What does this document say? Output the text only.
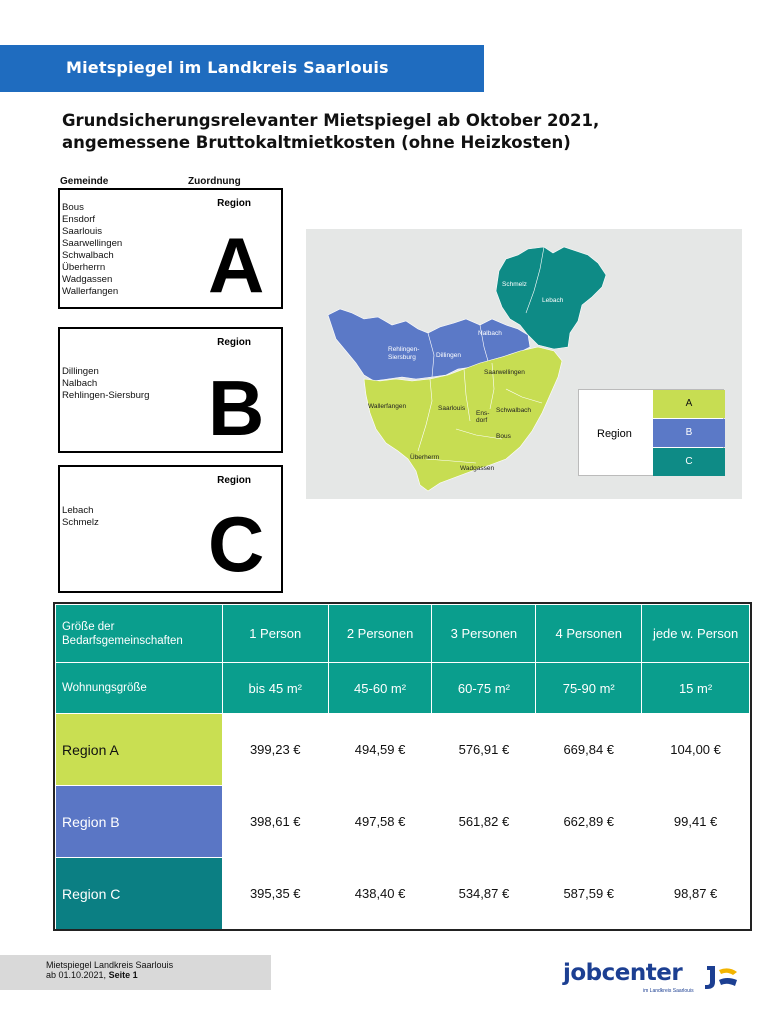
Mietspiegel im Landkreis Saarlouis
Grundsicherungsrelevanter Mietspiegel ab Oktober 2021,
angemessene Bruttokaltmietkosten (ohne Heizkosten)
Gemeinde	Zuordnung
Region
A
Bous
Ensdorf
Saarlouis
Saarwellingen
Schwalbach
Überherrn
Wadgassen
Wallerfangen
Region
B
Dillingen
Nalbach
Rehlingen-Siersburg
Region
C
Lebach
Schmelz
Schmelz
Lebach
Nalbach
Rehlingen-
Siersburg	Dillingen
Saarwellingen
Wallerfangen	Saarlouis
Ens-
dorf
Schwalbach
Bous
Überherrn
Wadgassen
Region
A
B
C
Größe der Bedarfsgemeinschaften	1 Person	2 Personen	3 Personen	4 Personen	jede w. Person
Wohnungsgröße	bis 45 m²	45-60 m²	60-75 m²	75-90 m²	15 m²
Region A	399,23 €	494,59 €	576,91 €	669,84 €	104,00 €
Region B	398,61 €	497,58 €	561,82 €	662,89 €	99,41 €
Region C	395,35 €	438,40 €	534,87 €	587,59 €	98,87 €
Mietspiegel Landkreis Saarlouis
ab 01.10.2021, Seite 1	jobcenter
im Landkreis Saarlouis
